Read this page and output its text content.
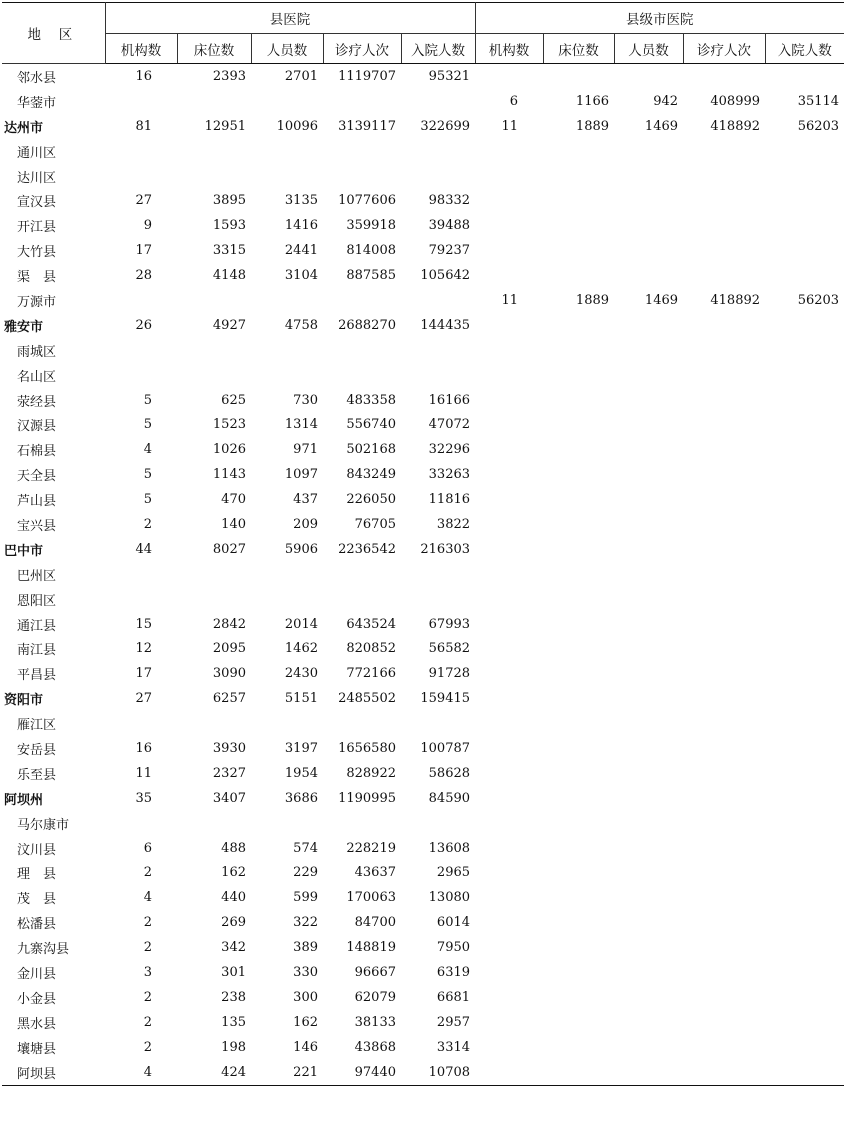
地 区	县医院					县级市医院				
	机构数	床位数	人员数	诊疗人次	入院人数	机构数	床位数	人员数	诊疗人次	入院人数
邻水县	16	2393	2701	1119707	95321					
华蓥市						6	1166	942	408999	35114
达州市	81	12951	10096	3139117	322699	11	1889	1469	418892	56203
通川区										
达川区										
宣汉县	27	3895	3135	1077606	98332					
开江县	9	1593	1416	359918	39488					
大竹县	17	3315	2441	814008	79237					
渠　县	28	4148	3104	887585	105642					
万源市						11	1889	1469	418892	56203
雅安市	26	4927	4758	2688270	144435					
雨城区										
名山区										
荥经县	5	625	730	483358	16166					
汉源县	5	1523	1314	556740	47072					
石棉县	4	1026	971	502168	32296					
天全县	5	1143	1097	843249	33263					
芦山县	5	470	437	226050	11816					
宝兴县	2	140	209	76705	3822					
巴中市	44	8027	5906	2236542	216303					
巴州区										
恩阳区										
通江县	15	2842	2014	643524	67993					
南江县	12	2095	1462	820852	56582					
平昌县	17	3090	2430	772166	91728					
资阳市	27	6257	5151	2485502	159415					
雁江区										
安岳县	16	3930	3197	1656580	100787					
乐至县	11	2327	1954	828922	58628					
阿坝州	35	3407	3686	1190995	84590					
马尔康市										
汶川县	6	488	574	228219	13608					
理　县	2	162	229	43637	2965					
茂　县	4	440	599	170063	13080					
松潘县	2	269	322	84700	6014					
九寨沟县	2	342	389	148819	7950					
金川县	3	301	330	96667	6319					
小金县	2	238	300	62079	6681					
黑水县	2	135	162	38133	2957					
壤塘县	2	198	146	43868	3314					
阿坝县	4	424	221	97440	10708					
